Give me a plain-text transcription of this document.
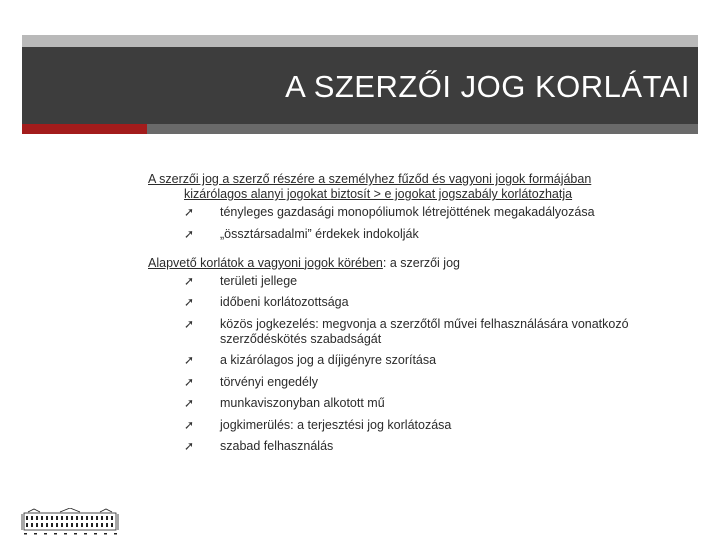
A SZERZŐI JOG KORLÁTAI

A szerzői jog a szerző részére a személyhez fűződ és vagyoni jogok formájában
kizárólagos alanyi jogokat biztosít > e jogokat jogszabály korlátozhatja

➚ tényleges gazdasági monopóliumok létrejöttének megakadályozása
➚ „össztársadalmi” érdekek indokolják

Alapvető korlátok a vagyoni jogok körében: a szerzői jog

➚ területi jellege
➚ időbeni korlátozottsága
➚ közös jogkezelés: megvonja a szerzőtől művei felhasználására vonatkozó szerződéskötés szabadságát
➚ a kizárólagos jog a díjigényre szorítása
➚ törvényi engedély
➚ munkaviszonyban alkotott mű
➚ jogkimerülés: a terjesztési jog korlátozása
➚ szabad felhasználás
